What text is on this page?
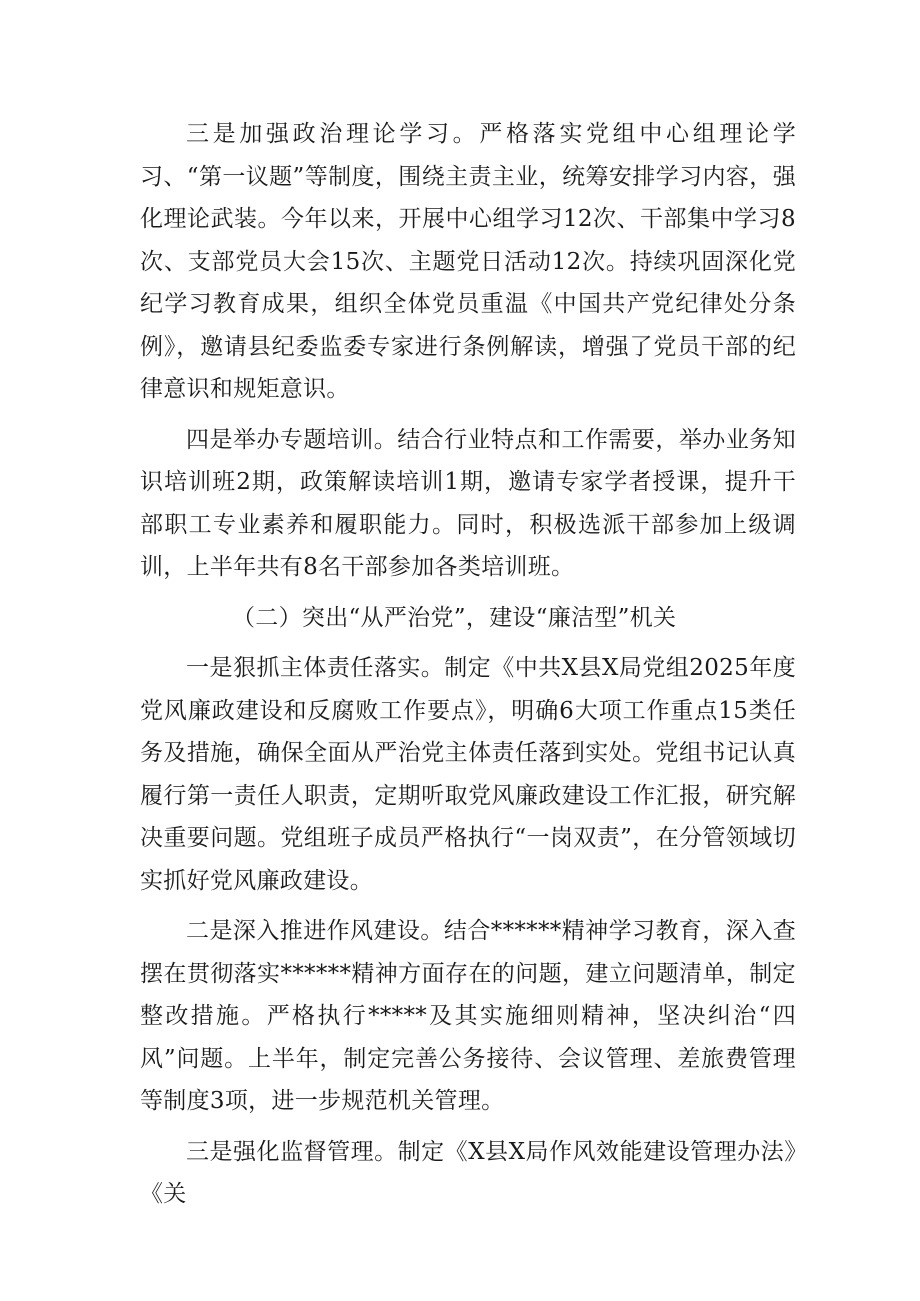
三是加强政治理论学习。严格落实党组中心组理论学习、“第一议题”等制度，围绕主责主业，统筹安排学习内容，强化理论武装。今年以来，开展中心组学习12次、干部集中学习8次、支部党员大会15次、主题党日活动12次。持续巩固深化党纪学习教育成果，组织全体党员重温《中国共产党纪律处分条例》，邀请县纪委监委专家进行条例解读，增强了党员干部的纪律意识和规矩意识。

四是举办专题培训。结合行业特点和工作需要，举办业务知识培训班2期，政策解读培训1期，邀请专家学者授课，提升干部职工专业素养和履职能力。同时，积极选派干部参加上级调训，上半年共有8名干部参加各类培训班。

（二）突出“从严治党”，建设“廉洁型”机关

一是狠抓主体责任落实。制定《中共X县X局党组2025年度党风廉政建设和反腐败工作要点》，明确6大项工作重点15类任务及措施，确保全面从严治党主体责任落到实处。党组书记认真履行第一责任人职责，定期听取党风廉政建设工作汇报，研究解决重要问题。党组班子成员严格执行“一岗双责”，在分管领域切实抓好党风廉政建设。

二是深入推进作风建设。结合******精神学习教育，深入查摆在贯彻落实******精神方面存在的问题，建立问题清单，制定整改措施。严格执行*****及其实施细则精神，坚决纠治“四风”问题。上半年，制定完善公务接待、会议管理、差旅费管理等制度3项，进一步规范机关管理。

三是强化监督管理。制定《X县X局作风效能建设管理办法》《关
